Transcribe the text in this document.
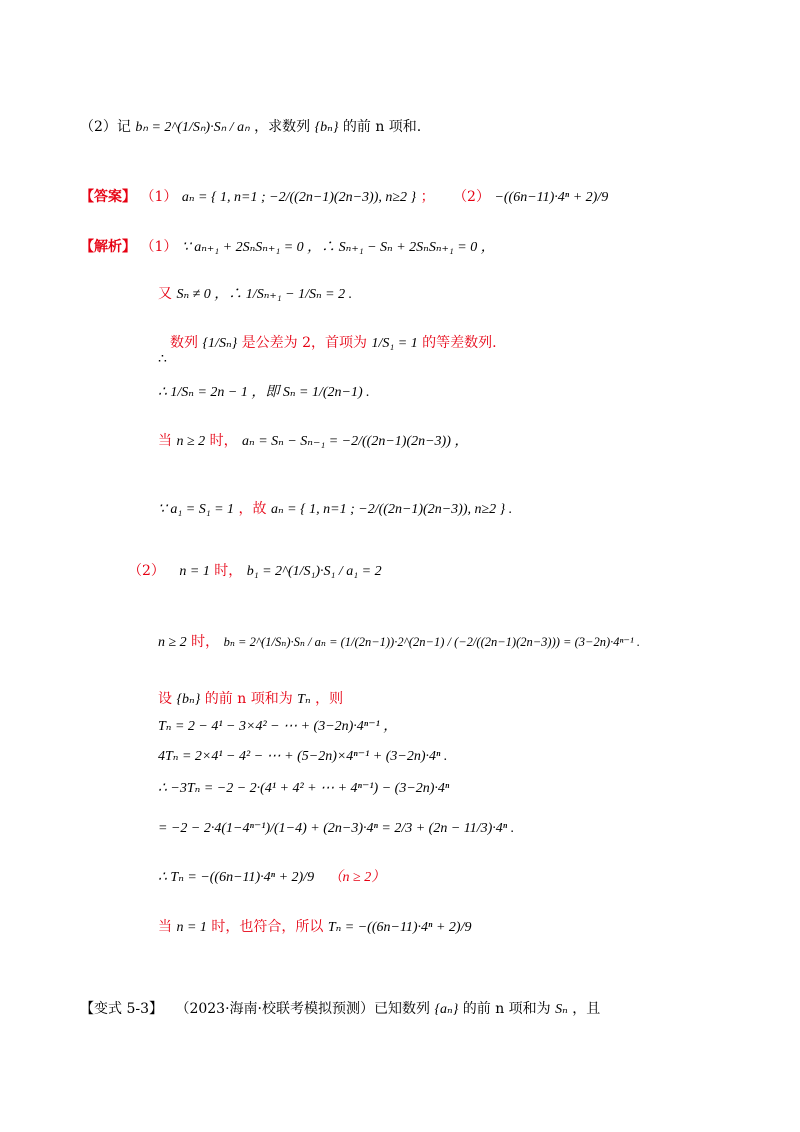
（2）记 bₙ = 2^(1/Sₙ)·Sₙ / aₙ ，求数列 {bₙ} 的前 n 项和.
【答案】 （1） aₙ = { 1, n=1 ; −2/((2n−1)(2n−3)), n≥2 } ； （2） −((6n−11)·4ⁿ + 2)/9
【解析】 （1） ∵ aₙ₊₁ + 2SₙSₙ₊₁ = 0 ，∴ Sₙ₊₁ − Sₙ + 2SₙSₙ₊₁ = 0 ，
又 Sₙ ≠ 0 ，∴ 1/Sₙ₊₁ − 1/Sₙ = 2 .
数列 {1/Sₙ} 是公差为 2，首项为 1/S₁ = 1 的等差数列.
∴
∴ 1/Sₙ = 2n − 1 ，即 Sₙ = 1/(2n−1) .
当 n ≥ 2 时， aₙ = Sₙ − Sₙ₋₁ = −2/((2n−1)(2n−3)) ，
∵ a₁ = S₁ = 1 ，故 aₙ = { 1, n=1 ; −2/((2n−1)(2n−3)), n≥2 } .
（2） n = 1 时， b₁ = 2^(1/S₁)·S₁ / a₁ = 2
n ≥ 2 时， bₙ = 2^(1/Sₙ)·Sₙ / aₙ = (1/(2n−1))·2^(2n−1) / (−2/((2n−1)(2n−3))) = (3−2n)·4ⁿ⁻¹ .
设 {bₙ} 的前 n 项和为 Tₙ ，则
Tₙ = 2 − 4¹ − 3×4² − ⋯ + (3−2n)·4ⁿ⁻¹ ，
4Tₙ = 2×4¹ − 4² − ⋯ + (5−2n)×4ⁿ⁻¹ + (3−2n)·4ⁿ .
∴ −3Tₙ = −2 − 2·(4¹ + 4² + ⋯ + 4ⁿ⁻¹) − (3−2n)·4ⁿ
= −2 − 2·4(1−4ⁿ⁻¹)/(1−4) + (2n−3)·4ⁿ = 2/3 + (2n − 11/3)·4ⁿ .
∴ Tₙ = −((6n−11)·4ⁿ + 2)/9 （n ≥ 2）
当 n = 1 时，也符合，所以 Tₙ = −((6n−11)·4ⁿ + 2)/9
【变式 5-3】 （2023·海南·校联考模拟预测）已知数列 {aₙ} 的前 n 项和为 Sₙ ，且
